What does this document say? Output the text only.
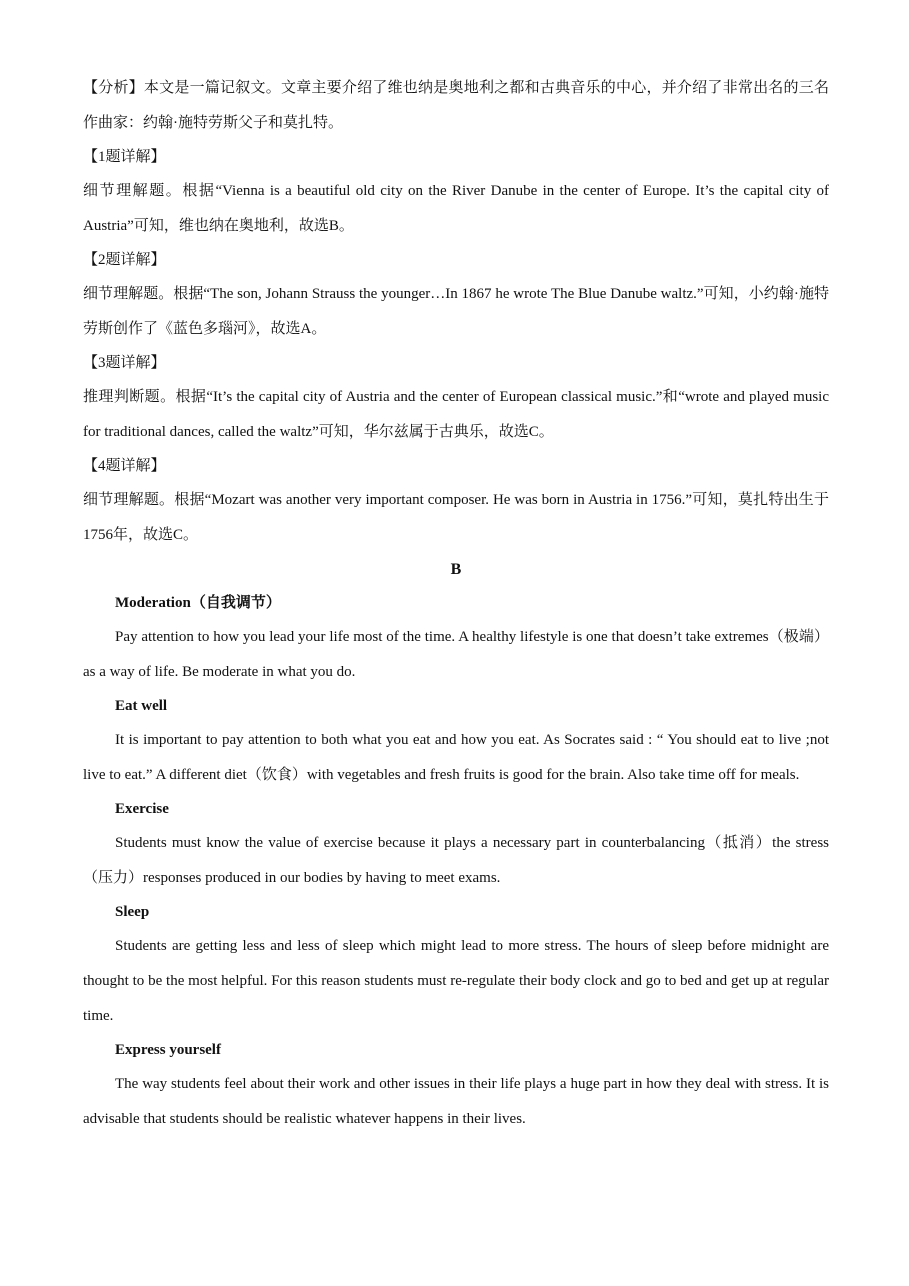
【分析】本文是一篇记叙文。文章主要介绍了维也纳是奥地利之都和古典音乐的中心，并介绍了非常出名的三名作曲家：约翰·施特劳斯父子和莫扎特。

【1题详解】

细节理解题。根据“Vienna is a beautiful old city on the River Danube in the center of Europe. It’s the capital city of Austria”可知，维也纳在奥地利，故选B。

【2题详解】

细节理解题。根据“The son, Johann Strauss the younger…In 1867 he wrote The Blue Danube waltz.”可知，小约翰·施特劳斯创作了《蓝色多瑙河》，故选A。

【3题详解】

推理判断题。根据“It’s the capital city of Austria and the center of European classical music.”和“wrote and played music for traditional dances, called the waltz”可知，华尔兹属于古典乐，故选C。

【4题详解】

细节理解题。根据“Mozart was another very important composer. He was born in Austria in 1756.”可知，莫扎特出生于1756年，故选C。

B

Moderation（自我调节）

Pay attention to how you lead your life most of the time. A healthy lifestyle is one that doesn’t take extremes（极端）as a way of life. Be moderate in what you do.

Eat well

It is important to pay attention to both what you eat and how you eat. As Socrates said : “ You should eat to live ;not live to eat.” A different diet（饮食）with vegetables and fresh fruits is good for the brain. Also take time off for meals.

Exercise

Students must know the value of exercise because it plays a necessary part in counterbalancing（抵消）the stress（压力）responses produced in our bodies by having to meet exams.

Sleep

Students are getting less and less of sleep which might lead to more stress. The hours of sleep before midnight are thought to be the most helpful. For this reason students must re-regulate their body clock and go to bed and get up at regular time.

Express yourself

The way students feel about their work and other issues in their life plays a huge part in how they deal with stress. It is advisable that students should be realistic whatever happens in their lives.
